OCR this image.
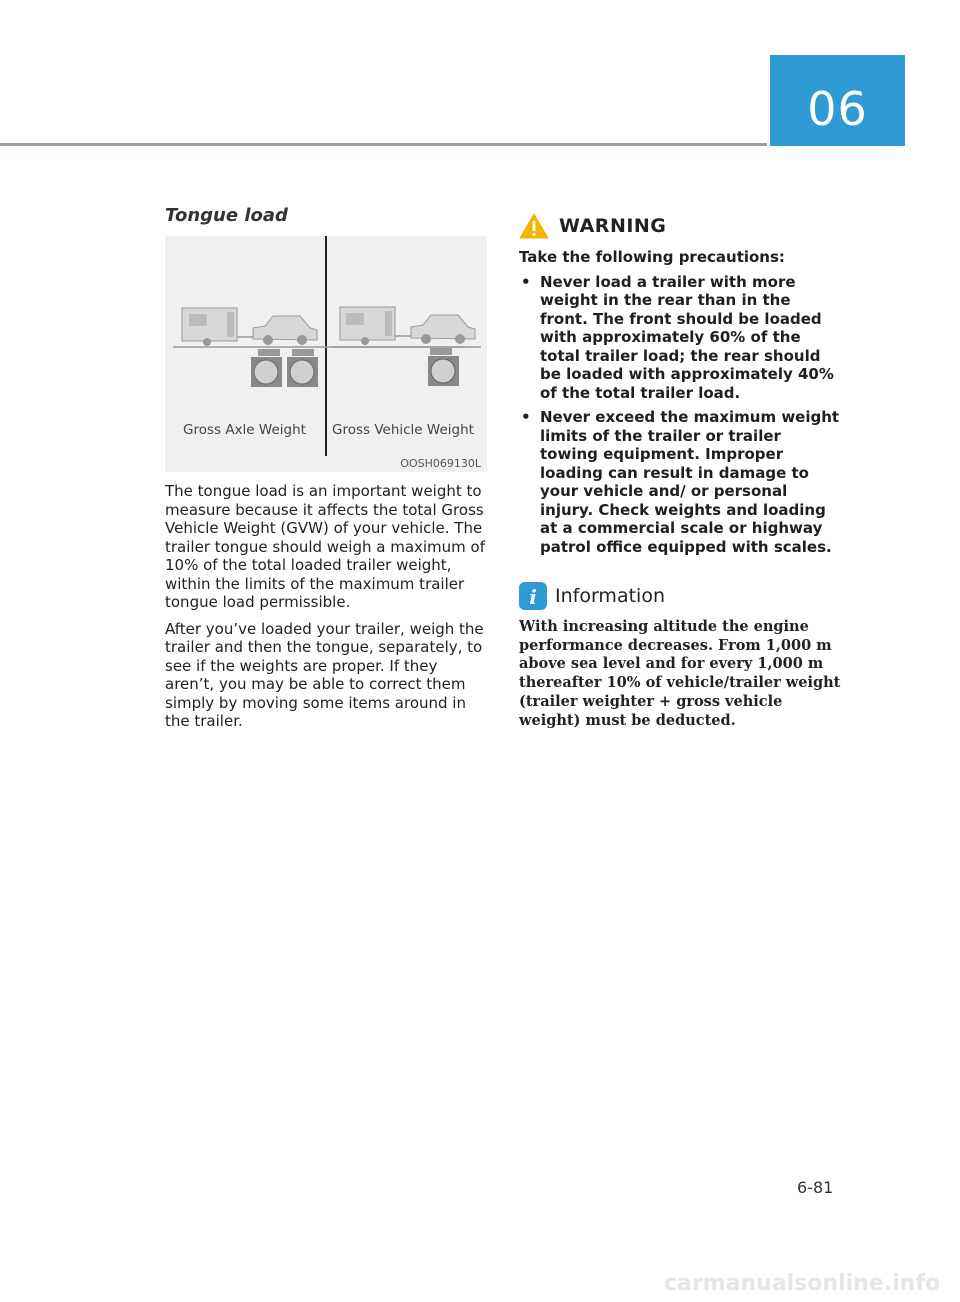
06
Tongue load
Gross Axle Weight Gross Vehicle Weight
OOSH069130L

The tongue load is an important weight to measure because it affects the total Gross Vehicle Weight (GVW) of your vehicle. The trailer tongue should weigh a maximum of 10% of the total loaded trailer weight, within the limits of the maximum trailer tongue load permissible.

After you’ve loaded your trailer, weigh the trailer and then the tongue, separately, to see if the weights are proper. If they aren’t, you may be able to correct them simply by moving some items around in the trailer.

WARNING
Take the following precautions:
• Never load a trailer with more weight in the rear than in the front. The front should be loaded with approximately 60% of the total trailer load; the rear should be loaded with approximately 40% of the total trailer load.
• Never exceed the maximum weight limits of the trailer or trailer towing equipment. Improper loading can result in damage to your vehicle and/ or personal injury. Check weights and loading at a commercial scale or highway patrol office equipped with scales.
i Information
With increasing altitude the engine performance decreases. From 1,000 m above sea level and for every 1,000 m thereafter 10% of vehicle/trailer weight (trailer weighter + gross vehicle weight) must be deducted.
6-81
carmanualsonline.info
